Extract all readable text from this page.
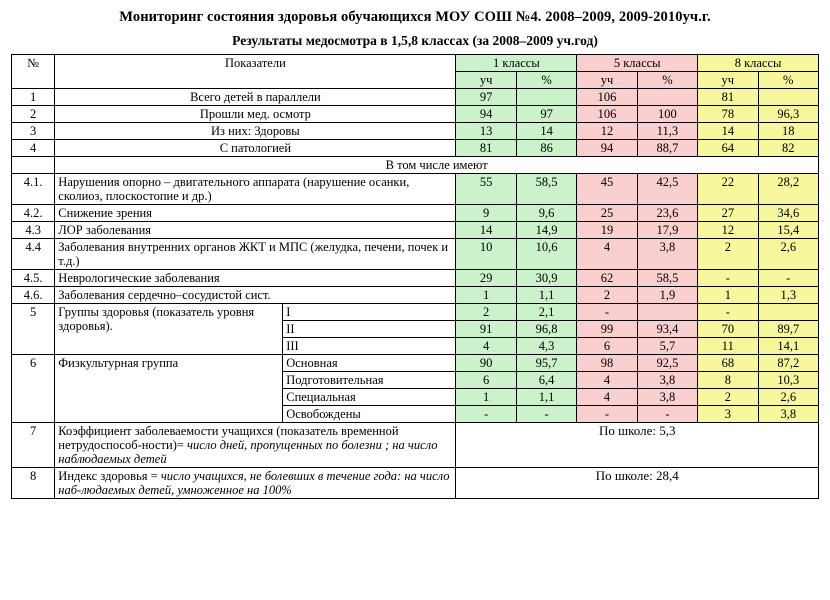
Мониторинг состояния здоровья обучающихся МОУ СОШ №4. 2008–2009, 2009-2010уч.г.
Результаты медосмотра в 1,5,8 классах (за 2008–2009 уч.год)
№	Показатели		1 классы		5 классы		8 классы	
			уч	%	уч	%	уч	%
1	Всего детей в параллели		97		106		81	
2	Прошли мед. осмотр		94	97	106	100	78	96,3
3	Из них: Здоровы		13	14	12	11,3	14	18
4	С патологией		81	86	94	88,7	64	82
	В том числе имеют							
4.1.	Нарушения опорно – двигательного аппарата (нарушение осанки, сколиоз, плоскостопие и др.)		55	58,5	45	42,5	22	28,2
4.2.	Снижение зрения		9	9,6	25	23,6	27	34,6
4.3	ЛОР заболевания		14	14,9	19	17,9	12	15,4
4.4	Заболевания внутренних органов ЖКТ и МПС (желудка, печени, почек и т.д.)		10	10,6	4	3,8	2	2,6
4.5.	Неврологические заболевания		29	30,9	62	58,5	-	-
4.6.	Заболевания сердечно–сосудистой сист.		1	1,1	2	1,9	1	1,3
5	Группы здоровья (показатель уровня здоровья).	I	2	2,1	-		-	
		II	91	96,8	99	93,4	70	89,7
		III	4	4,3	6	5,7	11	14,1
6	Физкультурная группа	Основная	90	95,7	98	92,5	68	87,2
		Подготовительная	6	6,4	4	3,8	8	10,3
		Специальная	1	1,1	4	3,8	2	2,6
		Освобождены	-	-	-	-	3	3,8
7	Коэффициент заболеваемости учащихся (показатель временной нетрудоспособ-ности)= число дней, пропущенных по болезни ; на число наблюдаемых детей		По школе: 5,3					
8	Индекс здоровья = число учащихся, не болевших в течение года: на число наб-людаемых детей, умноженное на 100%		По школе: 28,4					
